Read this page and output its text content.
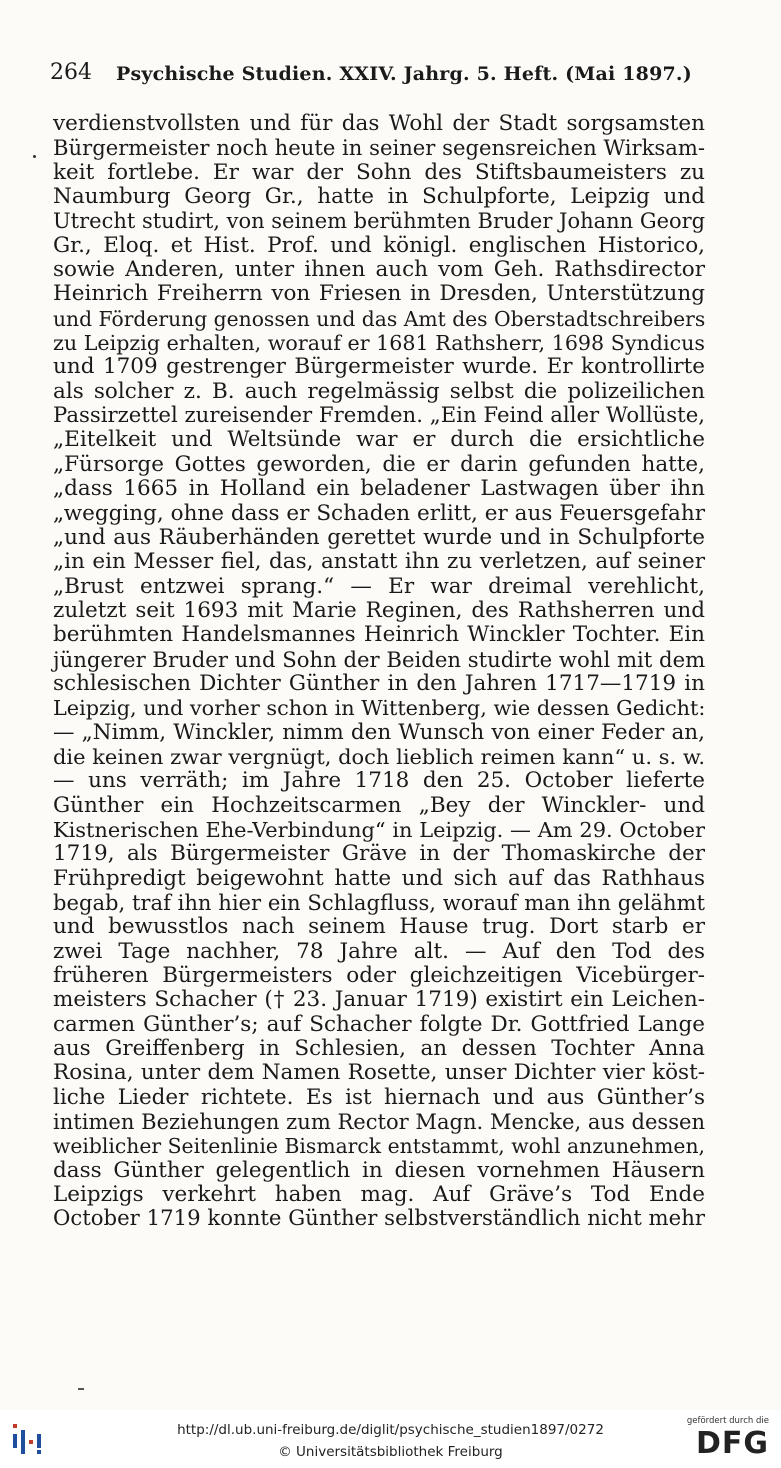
264 Psychische Studien. XXIV. Jahrg. 5. Heft. (Mai 1897.)
verdienstvollsten und für das Wohl der Stadt sorgsamsten
Bürgermeister noch heute in seiner segensreichen Wirksam-
keit fortlebe. Er war der Sohn des Stiftsbaumeisters zu
Naumburg Georg Gr., hatte in Schulpforte, Leipzig und
Utrecht studirt, von seinem berühmten Bruder Johann Georg
Gr., Eloq. et Hist. Prof. und königl. englischen Historico,
sowie Anderen, unter ihnen auch vom Geh. Rathsdirector
Heinrich Freiherrn von Friesen in Dresden, Unterstützung
und Förderung genossen und das Amt des Oberstadtschreibers
zu Leipzig erhalten, worauf er 1681 Rathsherr, 1698 Syndicus
und 1709 gestrenger Bürgermeister wurde. Er kontrollirte
als solcher z. B. auch regelmässig selbst die polizeilichen
Passirzettel zureisender Fremden. „Ein Feind aller Wollüste,
„Eitelkeit und Weltsünde war er durch die ersichtliche
„Fürsorge Gottes geworden, die er darin gefunden hatte,
„dass 1665 in Holland ein beladener Lastwagen über ihn
„wegging, ohne dass er Schaden erlitt, er aus Feuersgefahr
„und aus Räuberhänden gerettet wurde und in Schulpforte
„in ein Messer fiel, das, anstatt ihn zu verletzen, auf seiner
„Brust entzwei sprang.“ — Er war dreimal verehlicht,
zuletzt seit 1693 mit Marie Reginen, des Rathsherren und
berühmten Handelsmannes Heinrich Winckler Tochter. Ein
jüngerer Bruder und Sohn der Beiden studirte wohl mit dem
schlesischen Dichter Günther in den Jahren 1717—1719 in
Leipzig, und vorher schon in Wittenberg, wie dessen Gedicht:
— „Nimm, Winckler, nimm den Wunsch von einer Feder an,
die keinen zwar vergnügt, doch lieblich reimen kann“ u. s. w.
— uns verräth; im Jahre 1718 den 25. October lieferte
Günther ein Hochzeitscarmen „Bey der Winckler- und
Kistnerischen Ehe-Verbindung“ in Leipzig. — Am 29. October
1719, als Bürgermeister Gräve in der Thomaskirche der
Frühpredigt beigewohnt hatte und sich auf das Rathhaus
begab, traf ihn hier ein Schlagfluss, worauf man ihn gelähmt
und bewusstlos nach seinem Hause trug. Dort starb er
zwei Tage nachher, 78 Jahre alt. — Auf den Tod des
früheren Bürgermeisters oder gleichzeitigen Vicebürger-
meisters Schacher († 23. Januar 1719) existirt ein Leichen-
carmen Günther’s; auf Schacher folgte Dr. Gottfried Lange
aus Greiffenberg in Schlesien, an dessen Tochter Anna
Rosina, unter dem Namen Rosette, unser Dichter vier köst-
liche Lieder richtete. Es ist hiernach und aus Günther’s
intimen Beziehungen zum Rector Magn. Mencke, aus dessen
weiblicher Seitenlinie Bismarck entstammt, wohl anzunehmen,
dass Günther gelegentlich in diesen vornehmen Häusern
Leipzigs verkehrt haben mag. Auf Gräve’s Tod Ende
October 1719 konnte Günther selbstverständlich nicht mehr
http://dl.ub.uni-freiburg.de/diglit/psychische_studien1897/0272
© Universitätsbibliothek Freiburg
gefördert durch die
DFG
